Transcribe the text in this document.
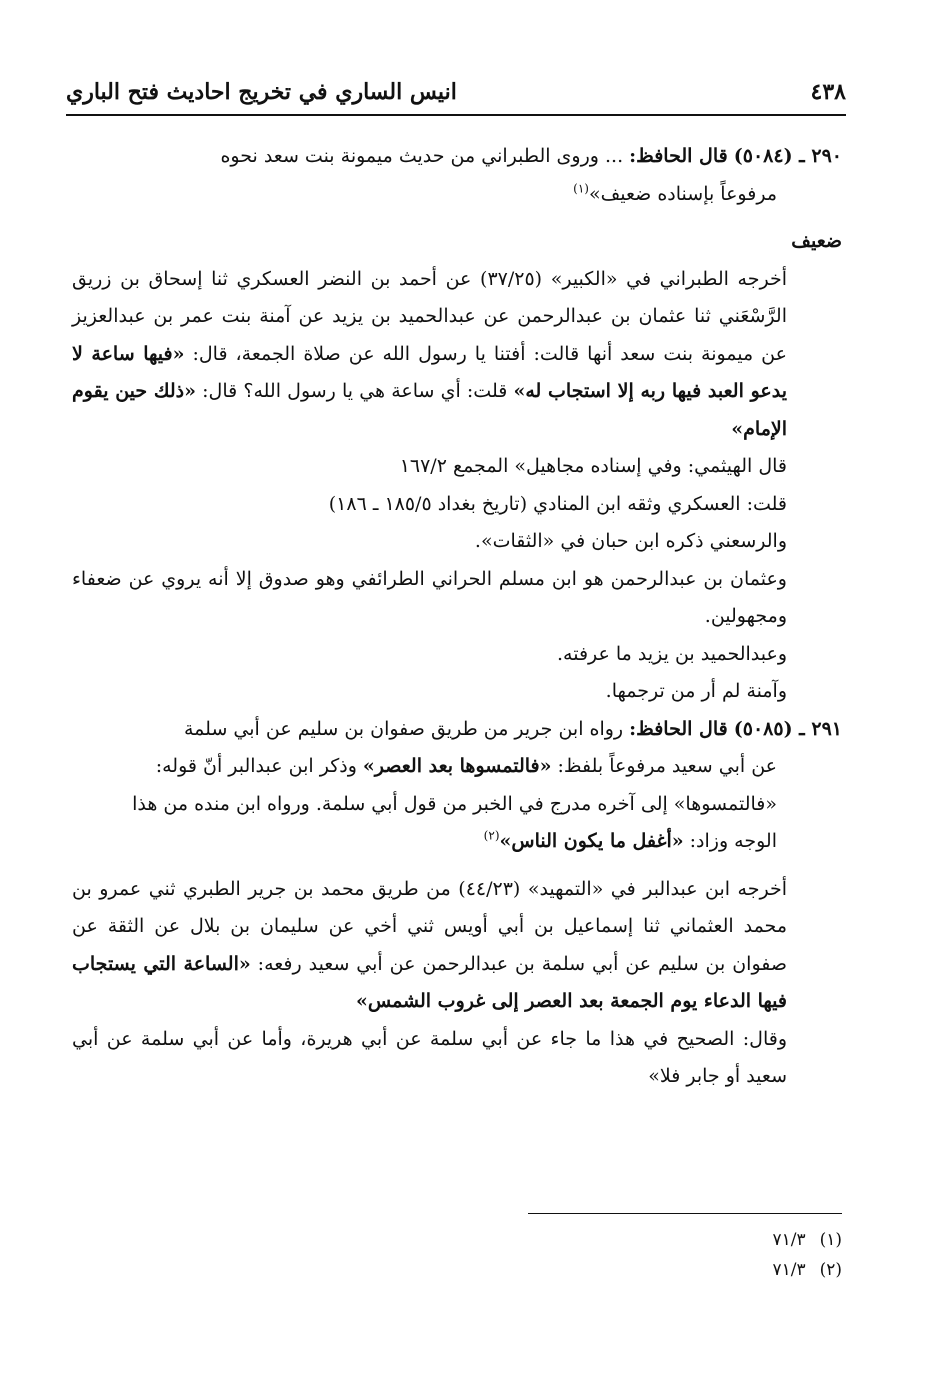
٤٣٨
انيس الساري في تخريج احاديث فتح الباري

٢٩٠ ـ (٥٠٨٤) قال الحافظ: ... وروى الطبراني من حديث ميمونة بنت سعد نحوه

مرفوعاً بإسناده ضعيف»$^{(١)}$

ضعيف

أخرجه الطبراني في «الكبير» (٣٧/٢٥) عن أحمد بن النضر العسكري ثنا إسحاق بن زريق الرَّسْعَني ثنا عثمان بن عبدالرحمن عن عبدالحميد بن يزيد عن آمنة بنت عمر بن عبدالعزيز عن ميمونة بنت سعد أنها قالت: أفتنا يا رسول الله عن صلاة الجمعة، قال: «فيها ساعة لا يدعو العبد فيها ربه إلا استجاب له» قلت: أي ساعة هي يا رسول الله؟ قال: «ذلك حين يقوم الإمام»

قال الهيثمي: وفي إسناده مجاهيل» المجمع ١٦٧/٢

قلت: العسكري وثقه ابن المنادي (تاريخ بغداد ١٨٥/٥ ـ ١٨٦)

والرسعني ذكره ابن حبان في «الثقات».

وعثمان بن عبدالرحمن هو ابن مسلم الحراني الطرائفي وهو صدوق إلا أنه يروي عن ضعفاء ومجهولين.

وعبدالحميد بن يزيد ما عرفته.

وآمنة لم أر من ترجمها.

٢٩١ ـ (٥٠٨٥) قال الحافظ: رواه ابن جرير من طريق صفوان بن سليم عن أبي سلمة

عن أبي سعيد مرفوعاً بلفظ: «فالتمسوها بعد العصر» وذكر ابن عبدالبر أنّ قوله:

«فالتمسوها» إلى آخره مدرج في الخبر من قول أبي سلمة. ورواه ابن منده من هذا

الوجه وزاد: «أغفل ما يكون الناس»$^{(٢)}$

أخرجه ابن عبدالبر في «التمهيد» (٤٤/٢٣) من طريق محمد بن جرير الطبري ثني عمرو بن محمد العثماني ثنا إسماعيل بن أبي أويس ثني أخي عن سليمان بن بلال عن الثقة عن صفوان بن سليم عن أبي سلمة بن عبدالرحمن عن أبي سعيد رفعه: «الساعة التي يستجاب فيها الدعاء يوم الجمعة بعد العصر إلى غروب الشمس»

وقال: الصحيح في هذا ما جاء عن أبي سلمة عن أبي هريرة، وأما عن أبي سلمة عن أبي سعيد أو جابر فلا»

(١)
٧١/٣
(٢)
٧١/٣
